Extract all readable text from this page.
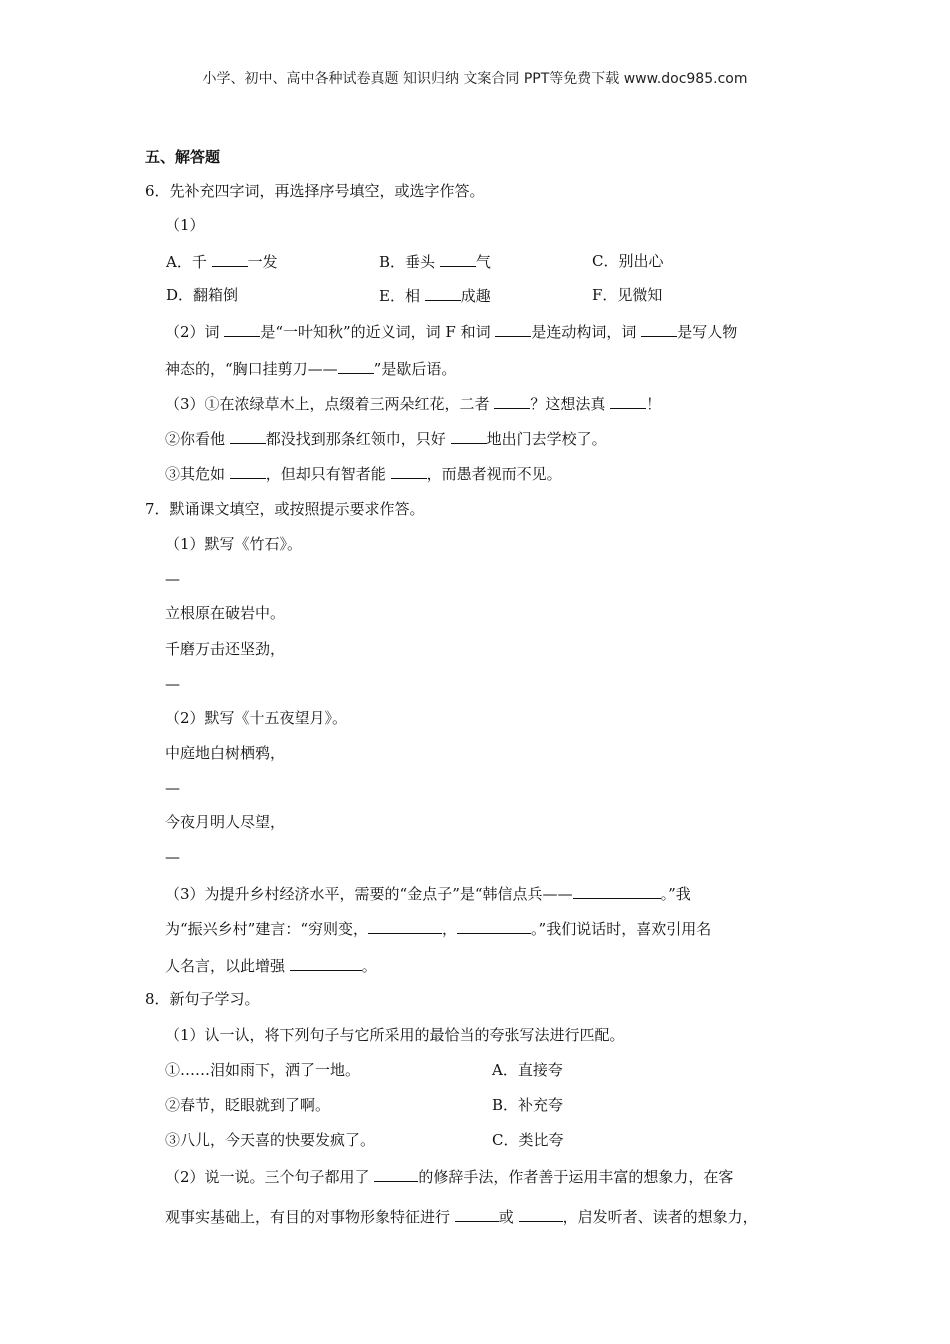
小学、初中、高中各种试卷真题 知识归纳 文案合同 PPT等免费下载 www.doc985.com
五、解答题
6．先补充四字词，再选择序号填空，或选字作答。
（1）
A．千	一发	B．垂头	气	C．别出心
D．翻箱倒	E．相	成趣	F．见微知
（2）词	是“一叶知秋”的近义词，词 F 和词	是连动构词，词	是写人物
神态的，“胸口挂剪刀—— ”是歇后语。
（3）①在浓绿草木上，点缀着三两朵红花，二者	？这想法真	！
②你看他	都没找到那条红领巾，只好	地出门去学校了。
③其危如	，但却只有智者能	，而愚者视而不见。
7．默诵课文填空，或按照提示要求作答。
（1）默写《竹石》。
—
立根原在破岩中。
千磨万击还坚劲，
—
（2）默写《十五夜望月》。
中庭地白树栖鸦，
—
今夜月明人尽望，
—
（3）为提升乡村经济水平，需要的“金点子”是“韩信点兵——	。”我
为“振兴乡村”建言：“穷则变，	，	。”我们说话时，喜欢引用名
人名言，以此增强	。
8．新句子学习。
（1）认一认，将下列句子与它所采用的最恰当的夸张写法进行匹配。
①……泪如雨下，洒了一地。	A．直接夸
②春节，眨眼就到了啊。	B．补充夸
③八儿，今天喜的快要发疯了。	C．类比夸
（2）说一说。三个句子都用了	的修辞手法，作者善于运用丰富的想象力，在客
观事实基础上，有目的对事物形象特征进行	或	，启发听者、读者的想象力，
